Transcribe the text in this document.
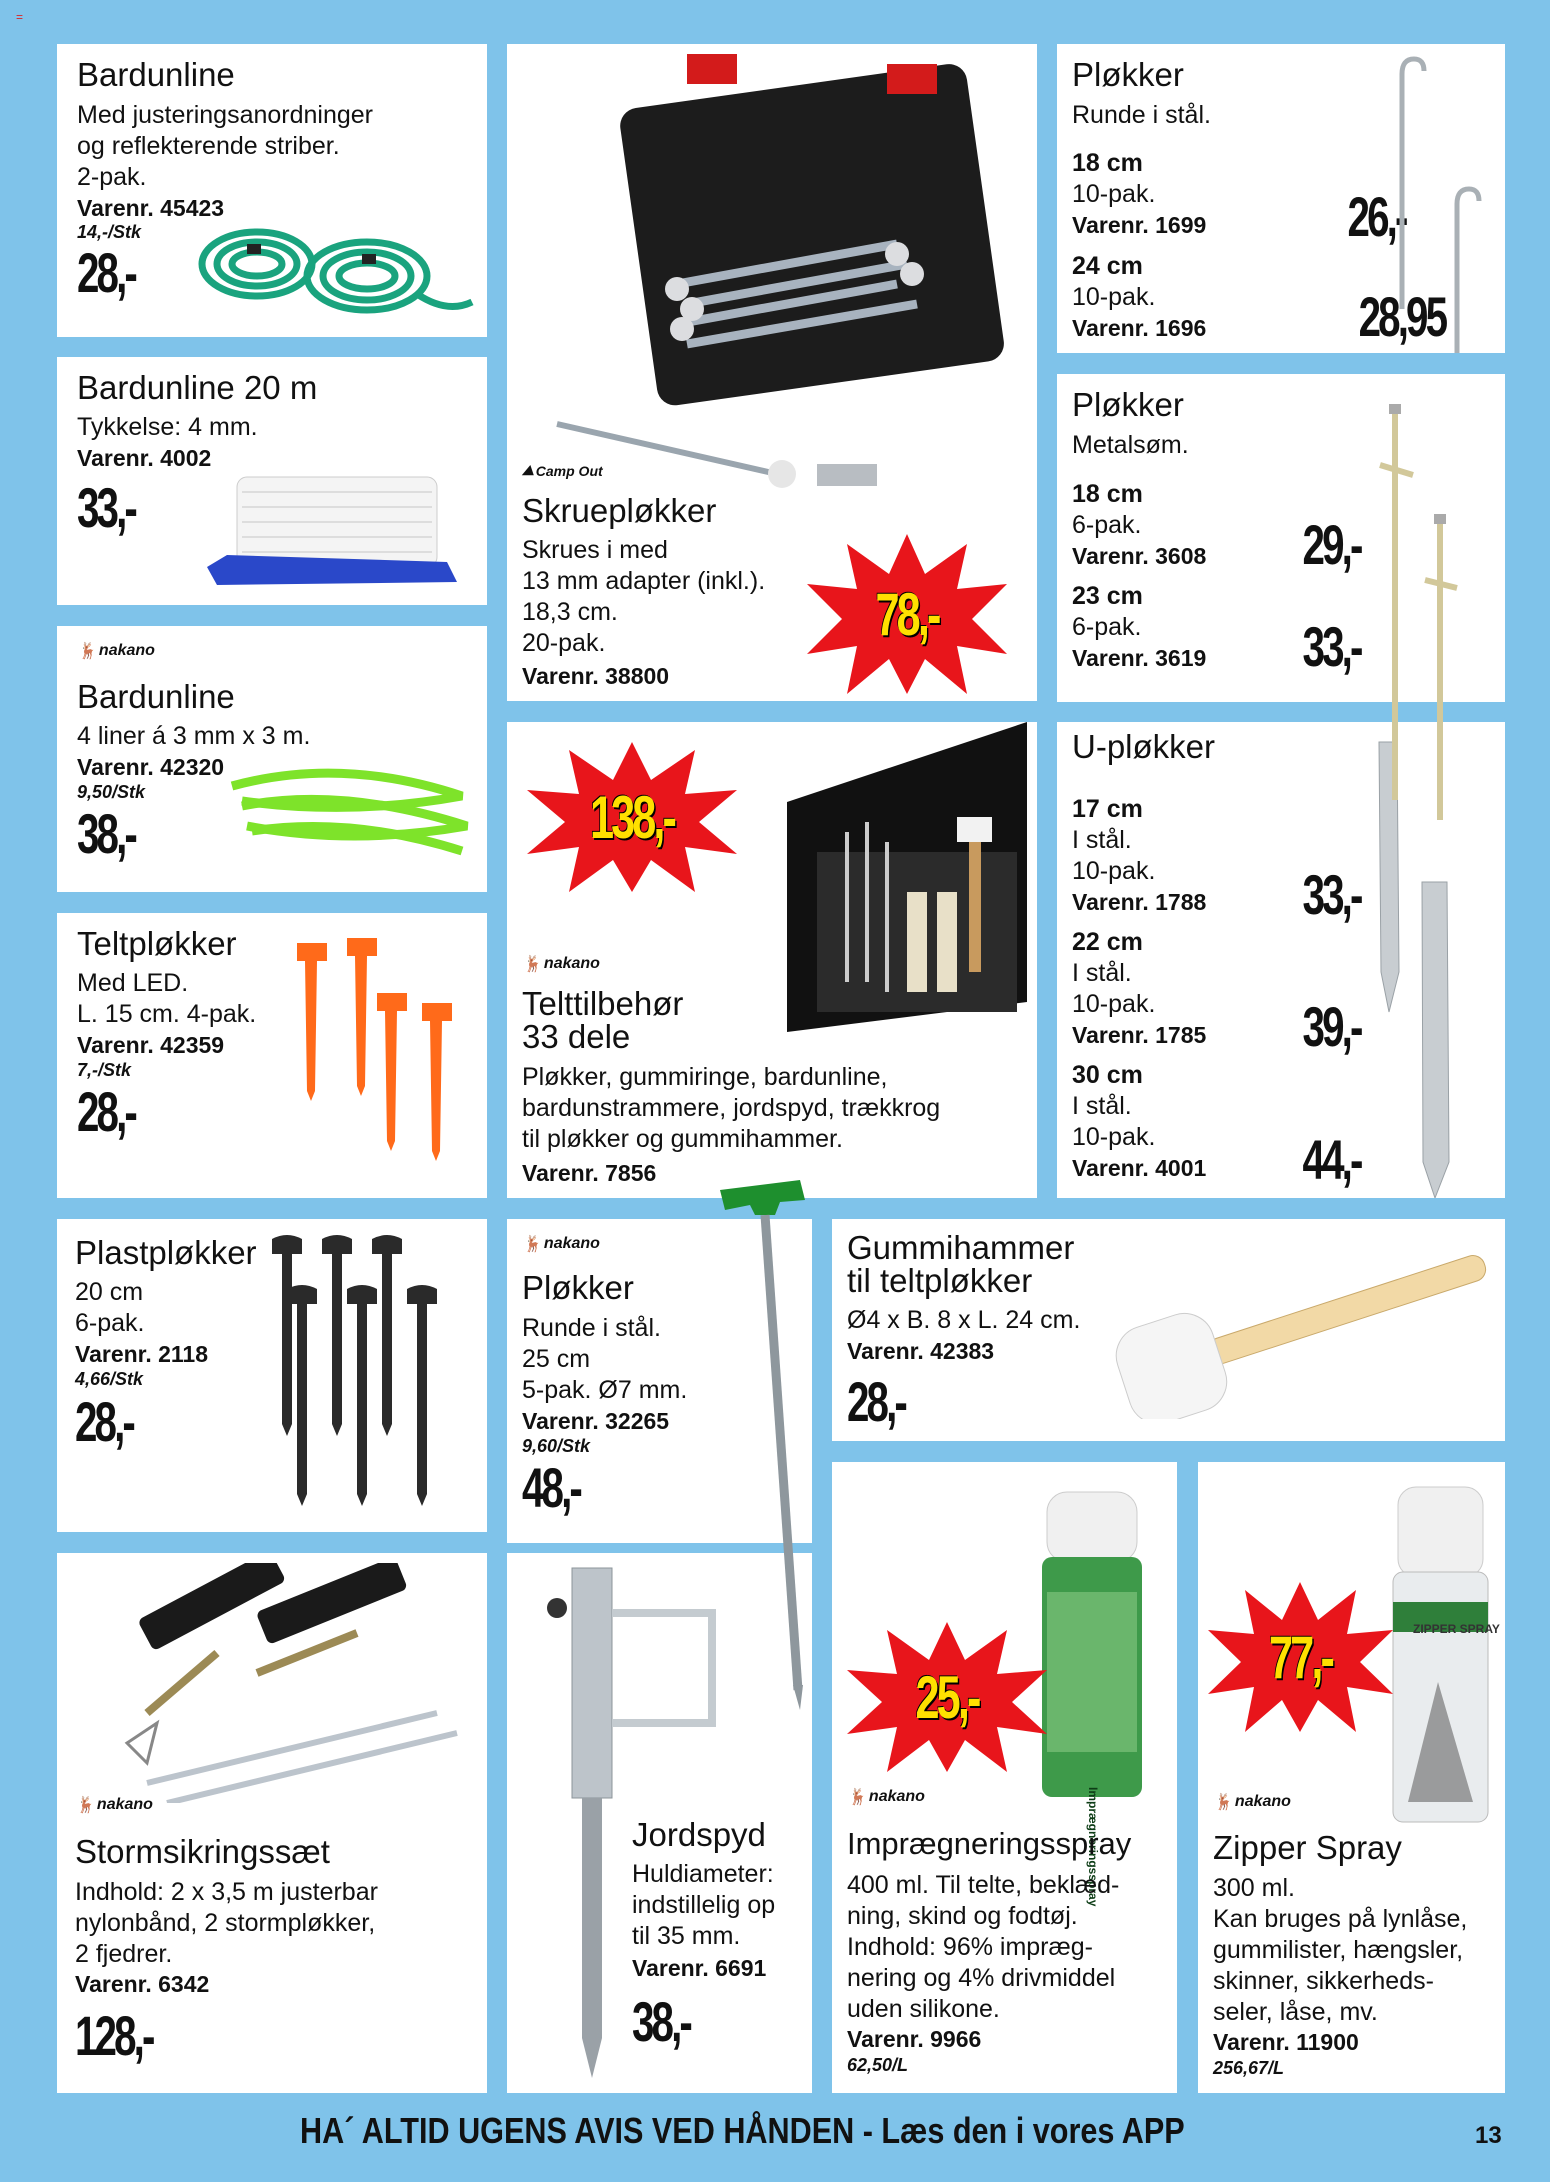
=
Bardunline
Med justeringsanordninger
og reflekterende striber.
2-pak.
Varenr. 45423
14,-/Stk
28,-
Bardunline 20 m
Tykkelse: 4 mm.
Varenr. 4002
33,-
🦌 nakano
Bardunline
4 liner á 3 mm x 3 m.
Varenr. 42320
9,50/Stk
38,-
Teltpløkker
Med LED.
L. 15 cm. 4-pak.
Varenr. 42359
7,-/Stk
28,-
Plastpløkker
20 cm
6-pak.
Varenr. 2118
4,66/Stk
28,-
🦌 nakano
Stormsikringssæt
Indhold: 2 x 3,5 m justerbar
nylonbånd, 2 stormpløkker,
2 fjedrer.
Varenr. 6342
128,-
⛰ Camp Out
Skruepløkker
Skrues i med
13 mm adapter (inkl.).
18,3 cm.
20-pak.
Varenr. 38800
78,-
138,-
🦌 nakano
Telttilbehør
33 dele
Pløkker, gummiringe, bardunline,
bardunstrammere, jordspyd, trækkrog
til pløkker og gummihammer.
Varenr. 7856
🦌 nakano
Pløkker
Runde i stål.
25 cm
5-pak. Ø7 mm.
Varenr. 32265
9,60/Stk
48,-
Jordspyd
Huldiameter:
indstillelig op
til 35 mm.
Varenr. 6691
38,-
Pløkker
Runde i stål.
18 cm
10-pak.
Varenr. 1699	26,-
24 cm
10-pak.
Varenr. 1696	28,95
Pløkker
Metalsøm.
18 cm
6-pak.
Varenr. 3608 29,-
23 cm
6-pak.
Varenr. 3619 33,-
U-pløkker
17 cm
I stål.
10-pak.
Varenr. 1788 33,-
22 cm
I stål.
10-pak.
Varenr. 1785 39,-
30 cm
I stål.
10-pak.
Varenr. 4001 44,-
Gummihammer
til teltpløkker
Ø4 x B. 8 x L. 24 cm.
Varenr. 42383
28,-
Imprægneringsspray
25,-
🦌 nakano
Imprægneringsspray
400 ml. Til telte, beklæd-
ning, skind og fodtøj.
Indhold: 96% impræg-
nering og 4% drivmiddel
uden silikone.
Varenr. 9966
62,50/L
ZIPPER SPRAY
77,-
🦌 nakano
Zipper Spray
300 ml.
Kan bruges på lynlåse,
gummilister, hængsler,
skinner, sikkerheds-
seler, låse, mv.
Varenr. 11900
256,67/L
HA´ ALTID UGENS AVIS VED HÅNDEN - Læs den i vores APP	13
